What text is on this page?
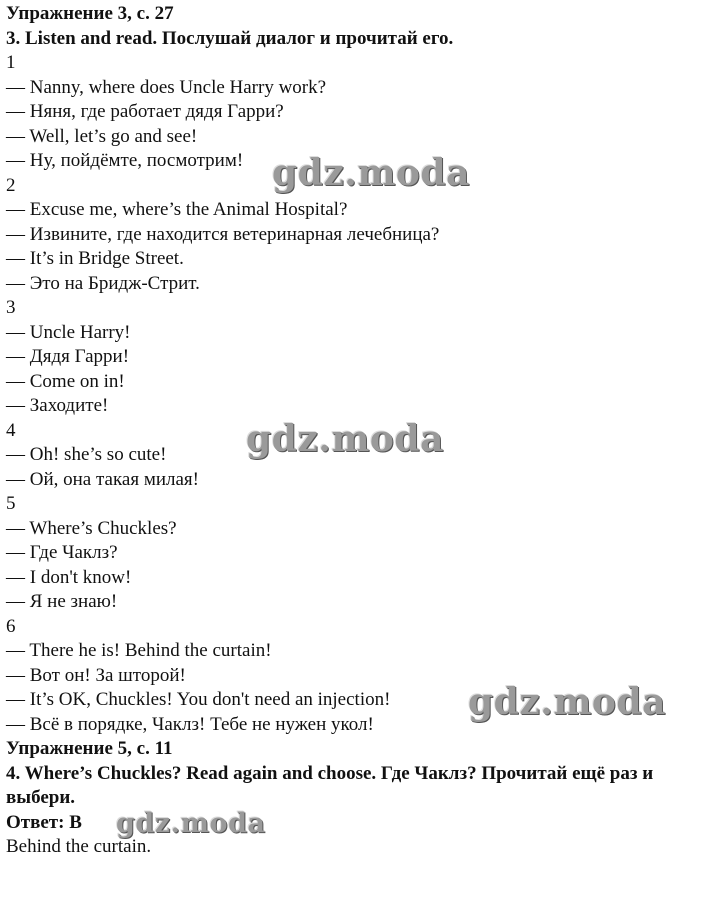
Упражнение 3, с. 27
3. Listen and read. Послушай диалог и прочитай его.
1
— Nanny, where does Uncle Harry work?
— Няня, где работает дядя Гарри?
— Well, let’s go and see!
— Ну, пойдёмте, посмотрим!
2
— Excuse me, where’s the Animal Hospital?
— Извините, где находится ветеринарная лечебница?
— It’s in Bridge Street.
— Это на Бридж-Стрит.
3
— Uncle Harry!
— Дядя Гарри!
— Come on in!
— Заходите!
4
— Oh! she’s so cute!
— Ой, она такая милая!
5
— Where’s Chuckles?
— Где Чаклз?
— I don't know!
— Я не знаю!
6
— There he is! Behind the curtain!
— Вот он! За шторой!
— It’s OK, Chuckles! You don't need an injection!
— Всё в порядке, Чаклз! Тебе не нужен укол!
Упражнение 5, с. 11
4. Where’s Chuckles? Read again and choose. Где Чаклз? Прочитай ещё раз и выбери.
Ответ: B
Behind the curtain.
gdz.moda
gdz.moda
gdz.moda
gdz.moda
